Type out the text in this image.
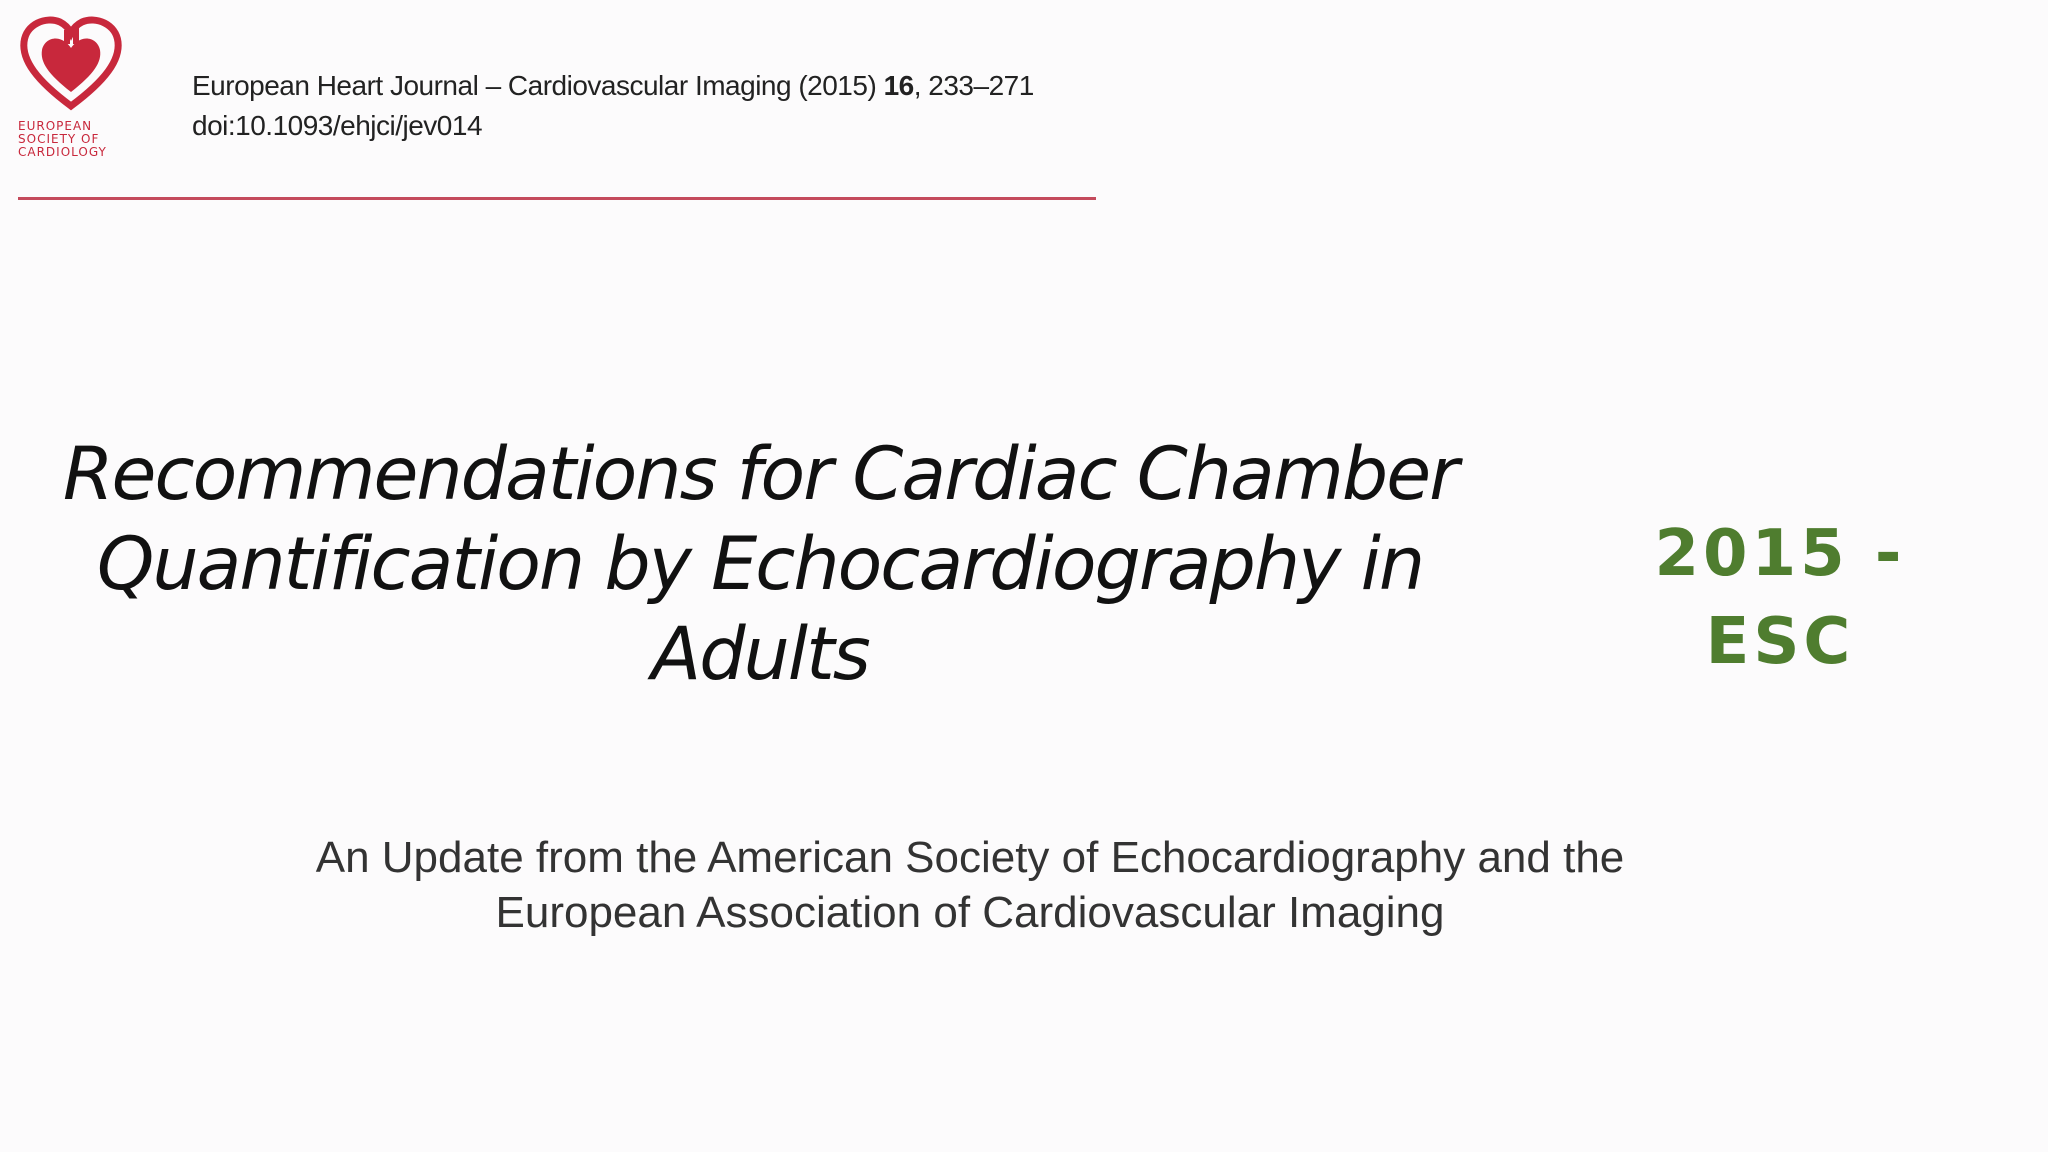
EUROPEAN
SOCIETY OF
CARDIOLOGY
European Heart Journal – Cardiovascular Imaging (2015) 16, 233–271
doi:10.1093/ehjci/jev014
Recommendations for Cardiac Chamber
Quantification by Echocardiography in
Adults
2015 -
ESC
An Update from the American Society of Echocardiography and the
European Association of Cardiovascular Imaging
